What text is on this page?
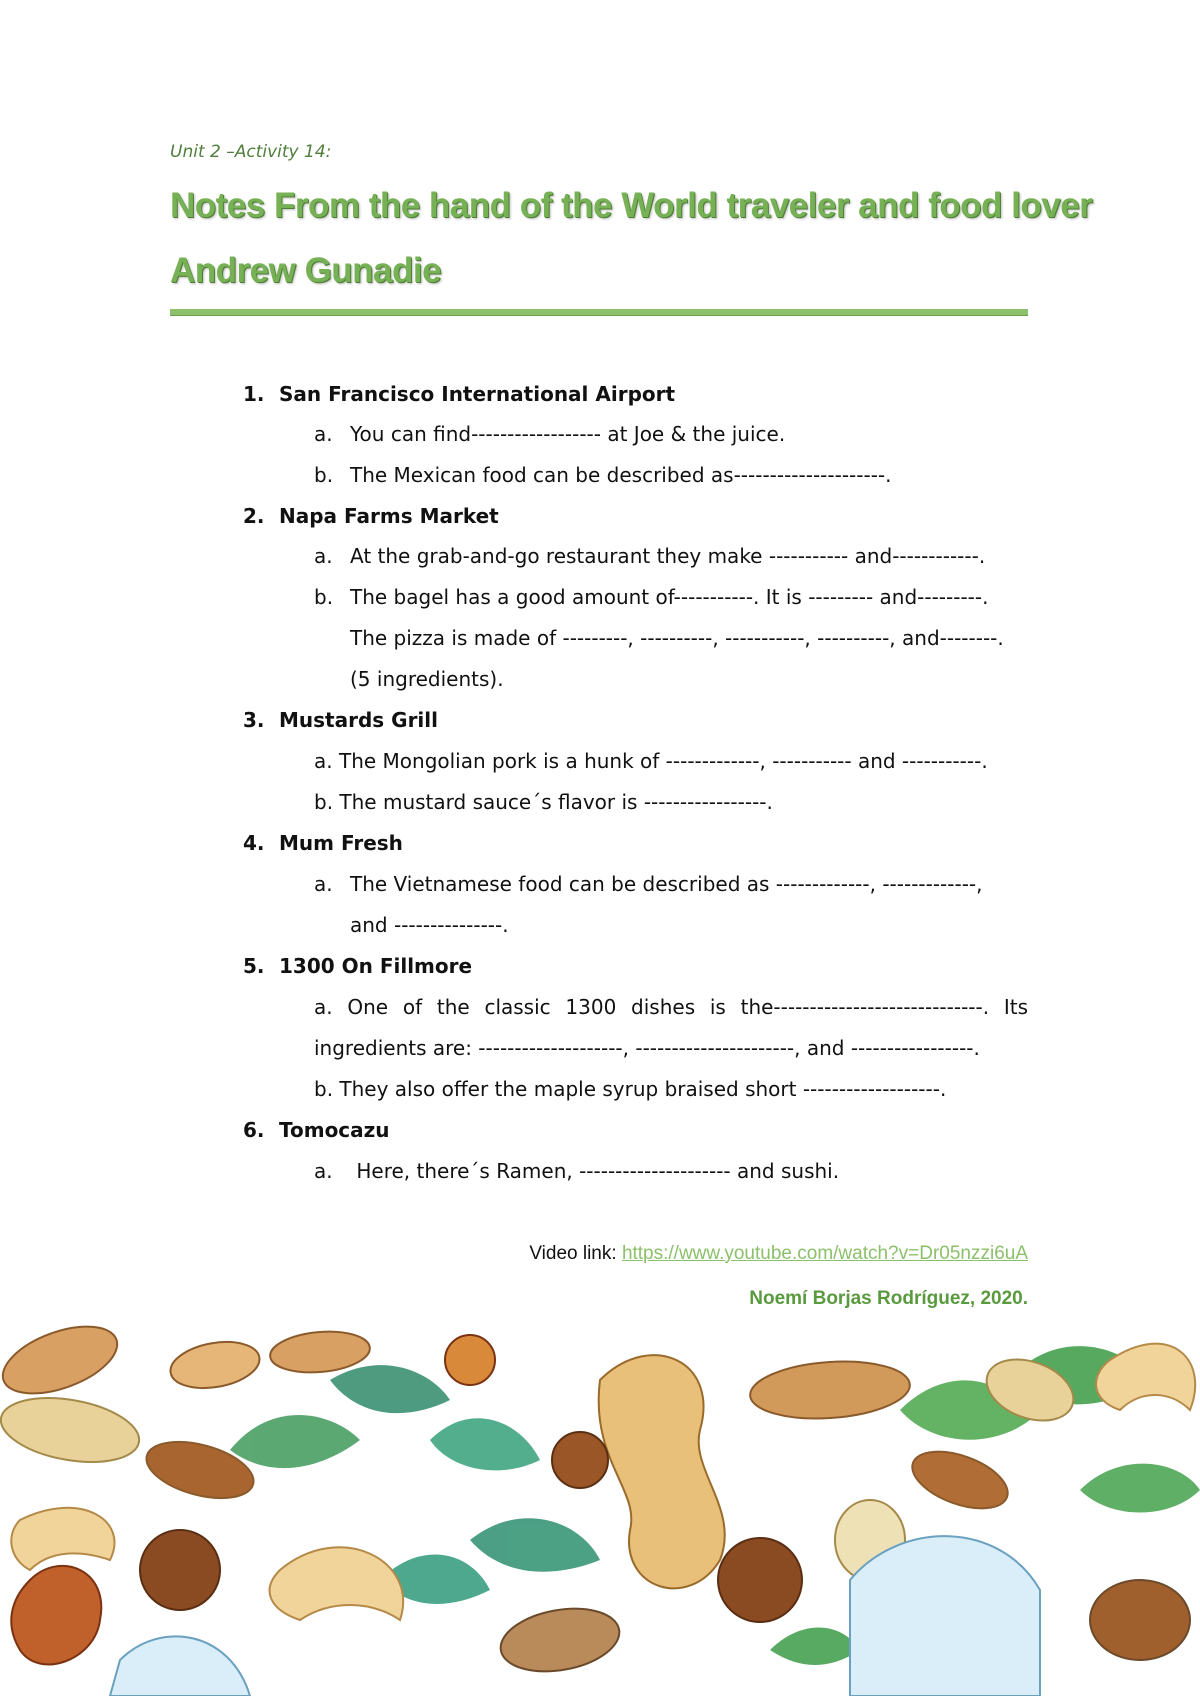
Unit 2 –Activity 14:
Notes From the hand of the World traveler and food lover
Andrew Gunadie
1. San Francisco International Airport
a. You can find------------------ at Joe & the juice.
b. The Mexican food can be described as---------------------.
2. Napa Farms Market
a. At the grab-and-go restaurant they make ----------- and------------.
b. The bagel has a good amount of-----------. It is --------- and---------.
The pizza is made of ---------, ----------, -----------, ----------, and--------.
(5 ingredients).
3. Mustards Grill
a. The Mongolian pork is a hunk of -------------, ----------- and -----------.
b. The mustard sauce´s flavor is -----------------.
4. Mum Fresh
a. The Vietnamese food can be described as -------------, -------------,
and ---------------.
5. 1300 On Fillmore
a. One of the classic 1300 dishes is the-----------------------------. Its
ingredients are: --------------------, ----------------------, and -----------------.
b. They also offer the maple syrup braised short -------------------.
6. Tomocazu
a. Here, there´s Ramen, --------------------- and sushi.
Video link: https://www.youtube.com/watch?v=Dr05nzzi6uA
Noemí Borjas Rodríguez, 2020.
